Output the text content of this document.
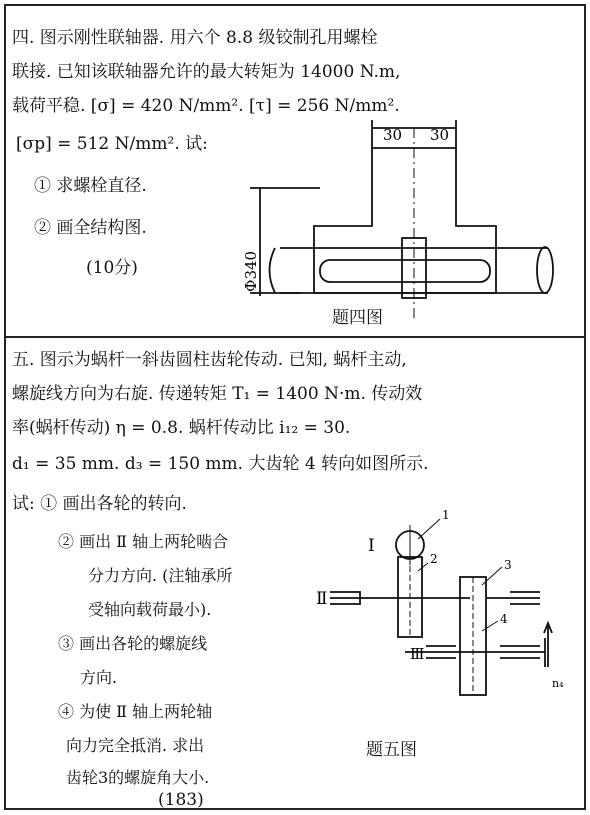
四. 图示刚性联轴器. 用六个 8.8 级铰制孔用螺栓
联接. 已知该联轴器允许的最大转矩为 14000 N.m,
载荷平稳. [σ] = 420 N/mm². [τ] = 256 N/mm².
[σp] = 512 N/mm². 试:
① 求螺栓直径.
② 画全结构图.
(10分)
30 30
Ф340
题四图
五. 图示为蜗杆一斜齿圆柱齿轮传动. 已知, 蜗杆主动,
螺旋线方向为右旋. 传递转矩 T₁ = 1400 N·m. 传动效
率(蜗杆传动) η = 0.8. 蜗杆传动比 i₁₂ = 30.
d₁ = 35 mm. d₃ = 150 mm. 大齿轮 4 转向如图所示.
试: ① 画出各轮的转向.
② 画出 Ⅱ 轴上两轮啮合
分力方向. (注轴承所
受轴向载荷最小).
③ 画出各轮的螺旋线
方向.
④ 为使 Ⅱ 轴上两轮轴
向力完全抵消. 求出
齿轮3的螺旋角大小.
(183)
Ⅰ
Ⅱ
Ⅲ
1
2	3
4
n₄
题五图
